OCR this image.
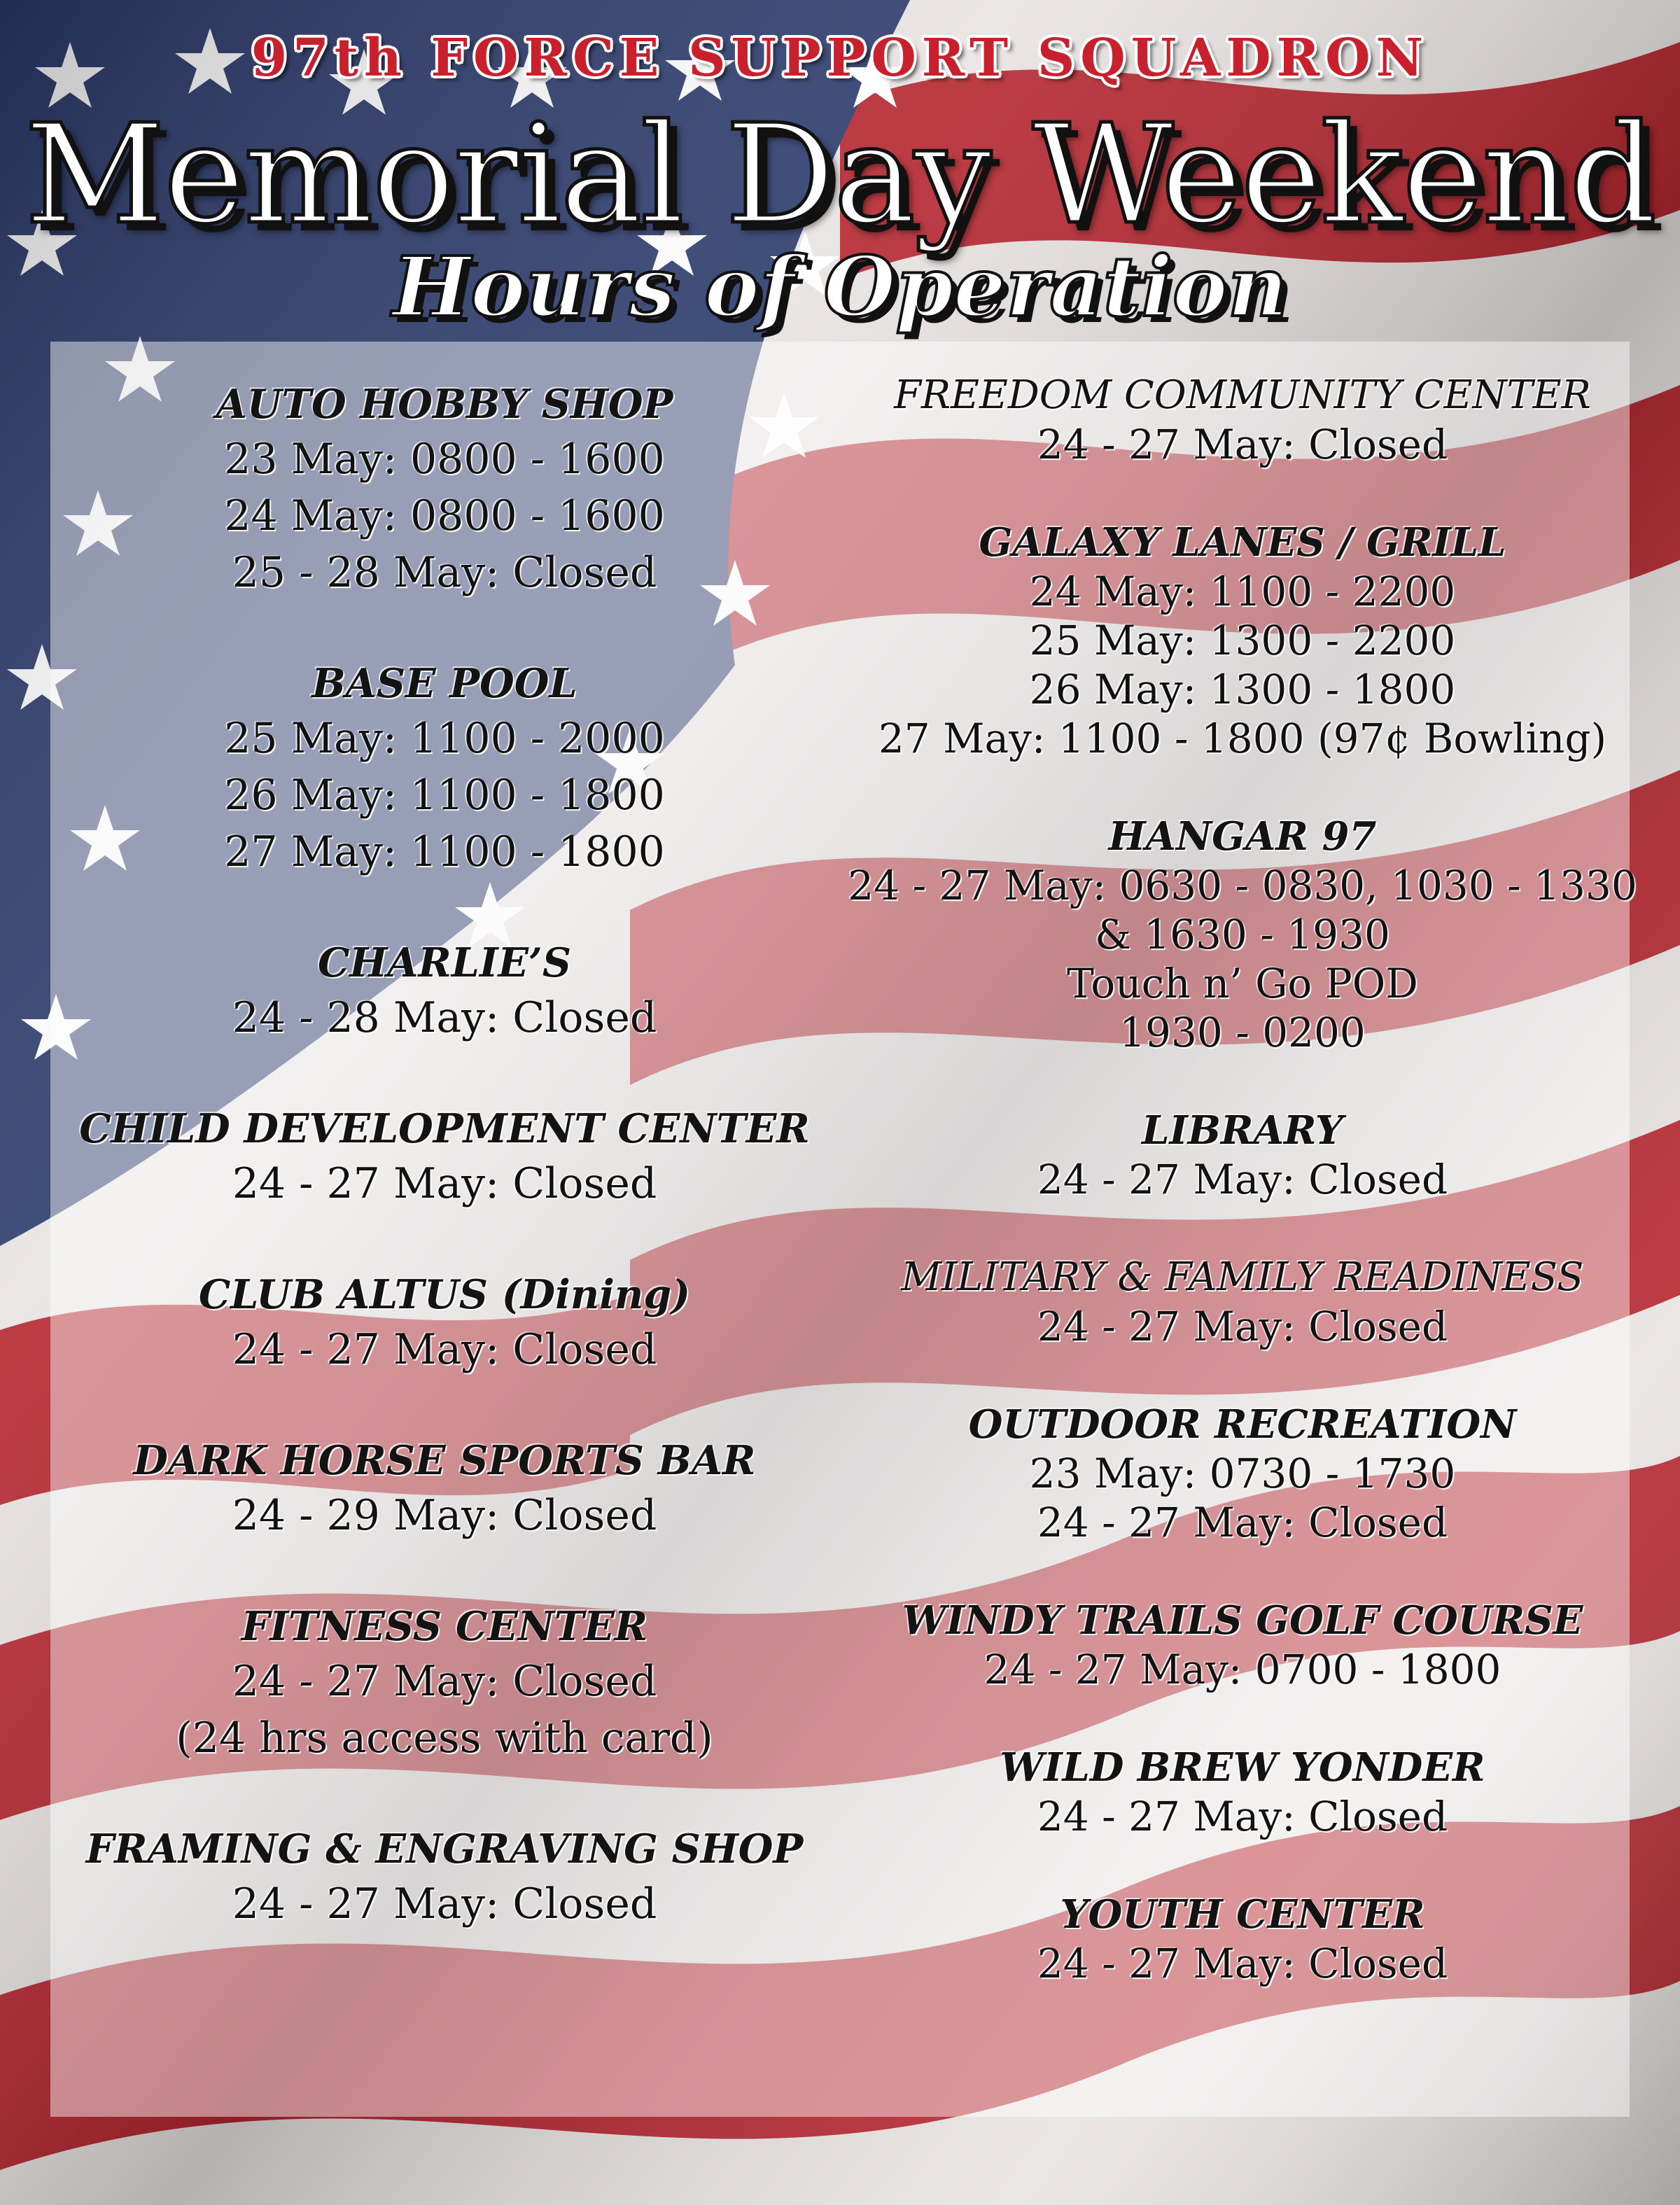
97th FORCE SUPPORT SQUADRON
Memorial Day Weekend
Hours of Operation
AUTO HOBBY SHOP
23 May: 0800 - 1600
24 May: 0800 - 1600
25 - 28 May: Closed
BASE POOL
25 May: 1100 - 2000
26 May: 1100 - 1800
27 May: 1100 - 1800
CHARLIE’S
24 - 28 May: Closed
CHILD DEVELOPMENT CENTER
24 - 27 May: Closed
CLUB ALTUS (Dining)
24 - 27 May: Closed
DARK HORSE SPORTS BAR
24 - 29 May: Closed
FITNESS CENTER
24 - 27 May: Closed
(24 hrs access with card)
FRAMING & ENGRAVING SHOP
24 - 27 May: Closed
FREEDOM COMMUNITY CENTER
24 - 27 May: Closed
GALAXY LANES / GRILL
24 May: 1100 - 2200
25 May: 1300 - 2200
26 May: 1300 - 1800
27 May: 1100 - 1800 (97¢ Bowling)
HANGAR 97
24 - 27 May: 0630 - 0830, 1030 - 1330
& 1630 - 1930
Touch n’ Go POD
1930 - 0200
LIBRARY
24 - 27 May: Closed
MILITARY & FAMILY READINESS
24 - 27 May: Closed
OUTDOOR RECREATION
23 May: 0730 - 1730
24 - 27 May: Closed
WINDY TRAILS GOLF COURSE
24 - 27 May: 0700 - 1800
WILD BREW YONDER
24 - 27 May: Closed
YOUTH CENTER
24 - 27 May: Closed
